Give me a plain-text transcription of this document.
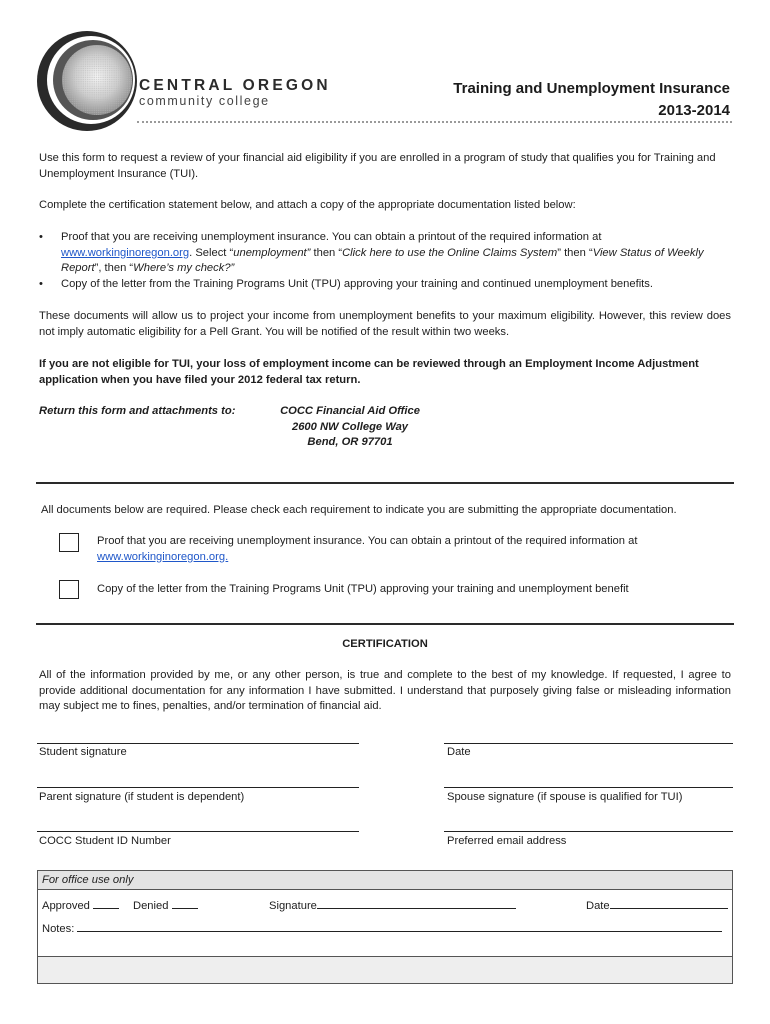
CENTRAL OREGON
community college
Training and Unemployment Insurance
2013-2014
Use this form to request a review of your financial aid eligibility if you are enrolled in a program of study that qualifies you for Training and Unemployment Insurance (TUI).
Complete the certification statement below, and attach a copy of the appropriate documentation listed below:
• Proof that you are receiving unemployment insurance. You can obtain a printout of the required information at
www.workinginoregon.org. Select “unemployment” then “Click here to use the Online Claims System” then “View Status of Weekly Report”, then “Where’s my check?”
• Copy of the letter from the Training Programs Unit (TPU) approving your training and continued unemployment benefits.
These documents will allow us to project your income from unemployment benefits to your maximum eligibility. However, this review does not imply automatic eligibility for a Pell Grant. You will be notified of the result within two weeks.
If you are not eligible for TUI, your loss of employment income can be reviewed through an Employment Income Adjustment application when you have filed your 2012 federal tax return.
Return this form and attachments to:	COCC Financial Aid Office
2600 NW College Way
Bend, OR 97701
All documents below are required. Please check each requirement to indicate you are submitting the appropriate documentation.
Proof that you are receiving unemployment insurance. You can obtain a printout of the required information at
www.workinginoregon.org.
Copy of the letter from the Training Programs Unit (TPU) approving your training and unemployment benefit
CERTIFICATION
All of the information provided by me, or any other person, is true and complete to the best of my knowledge. If requested, I agree to provide additional documentation for any information I have submitted. I understand that purposely giving false or misleading information may subject me to fines, penalties, and/or termination of financial aid.
Student signature	Date
Parent signature (if student is dependent)	Spouse signature (if spouse is qualified for TUI)
COCC Student ID Number	Preferred email address
For office use only
Approved	Denied	Signature	Date
Notes:
